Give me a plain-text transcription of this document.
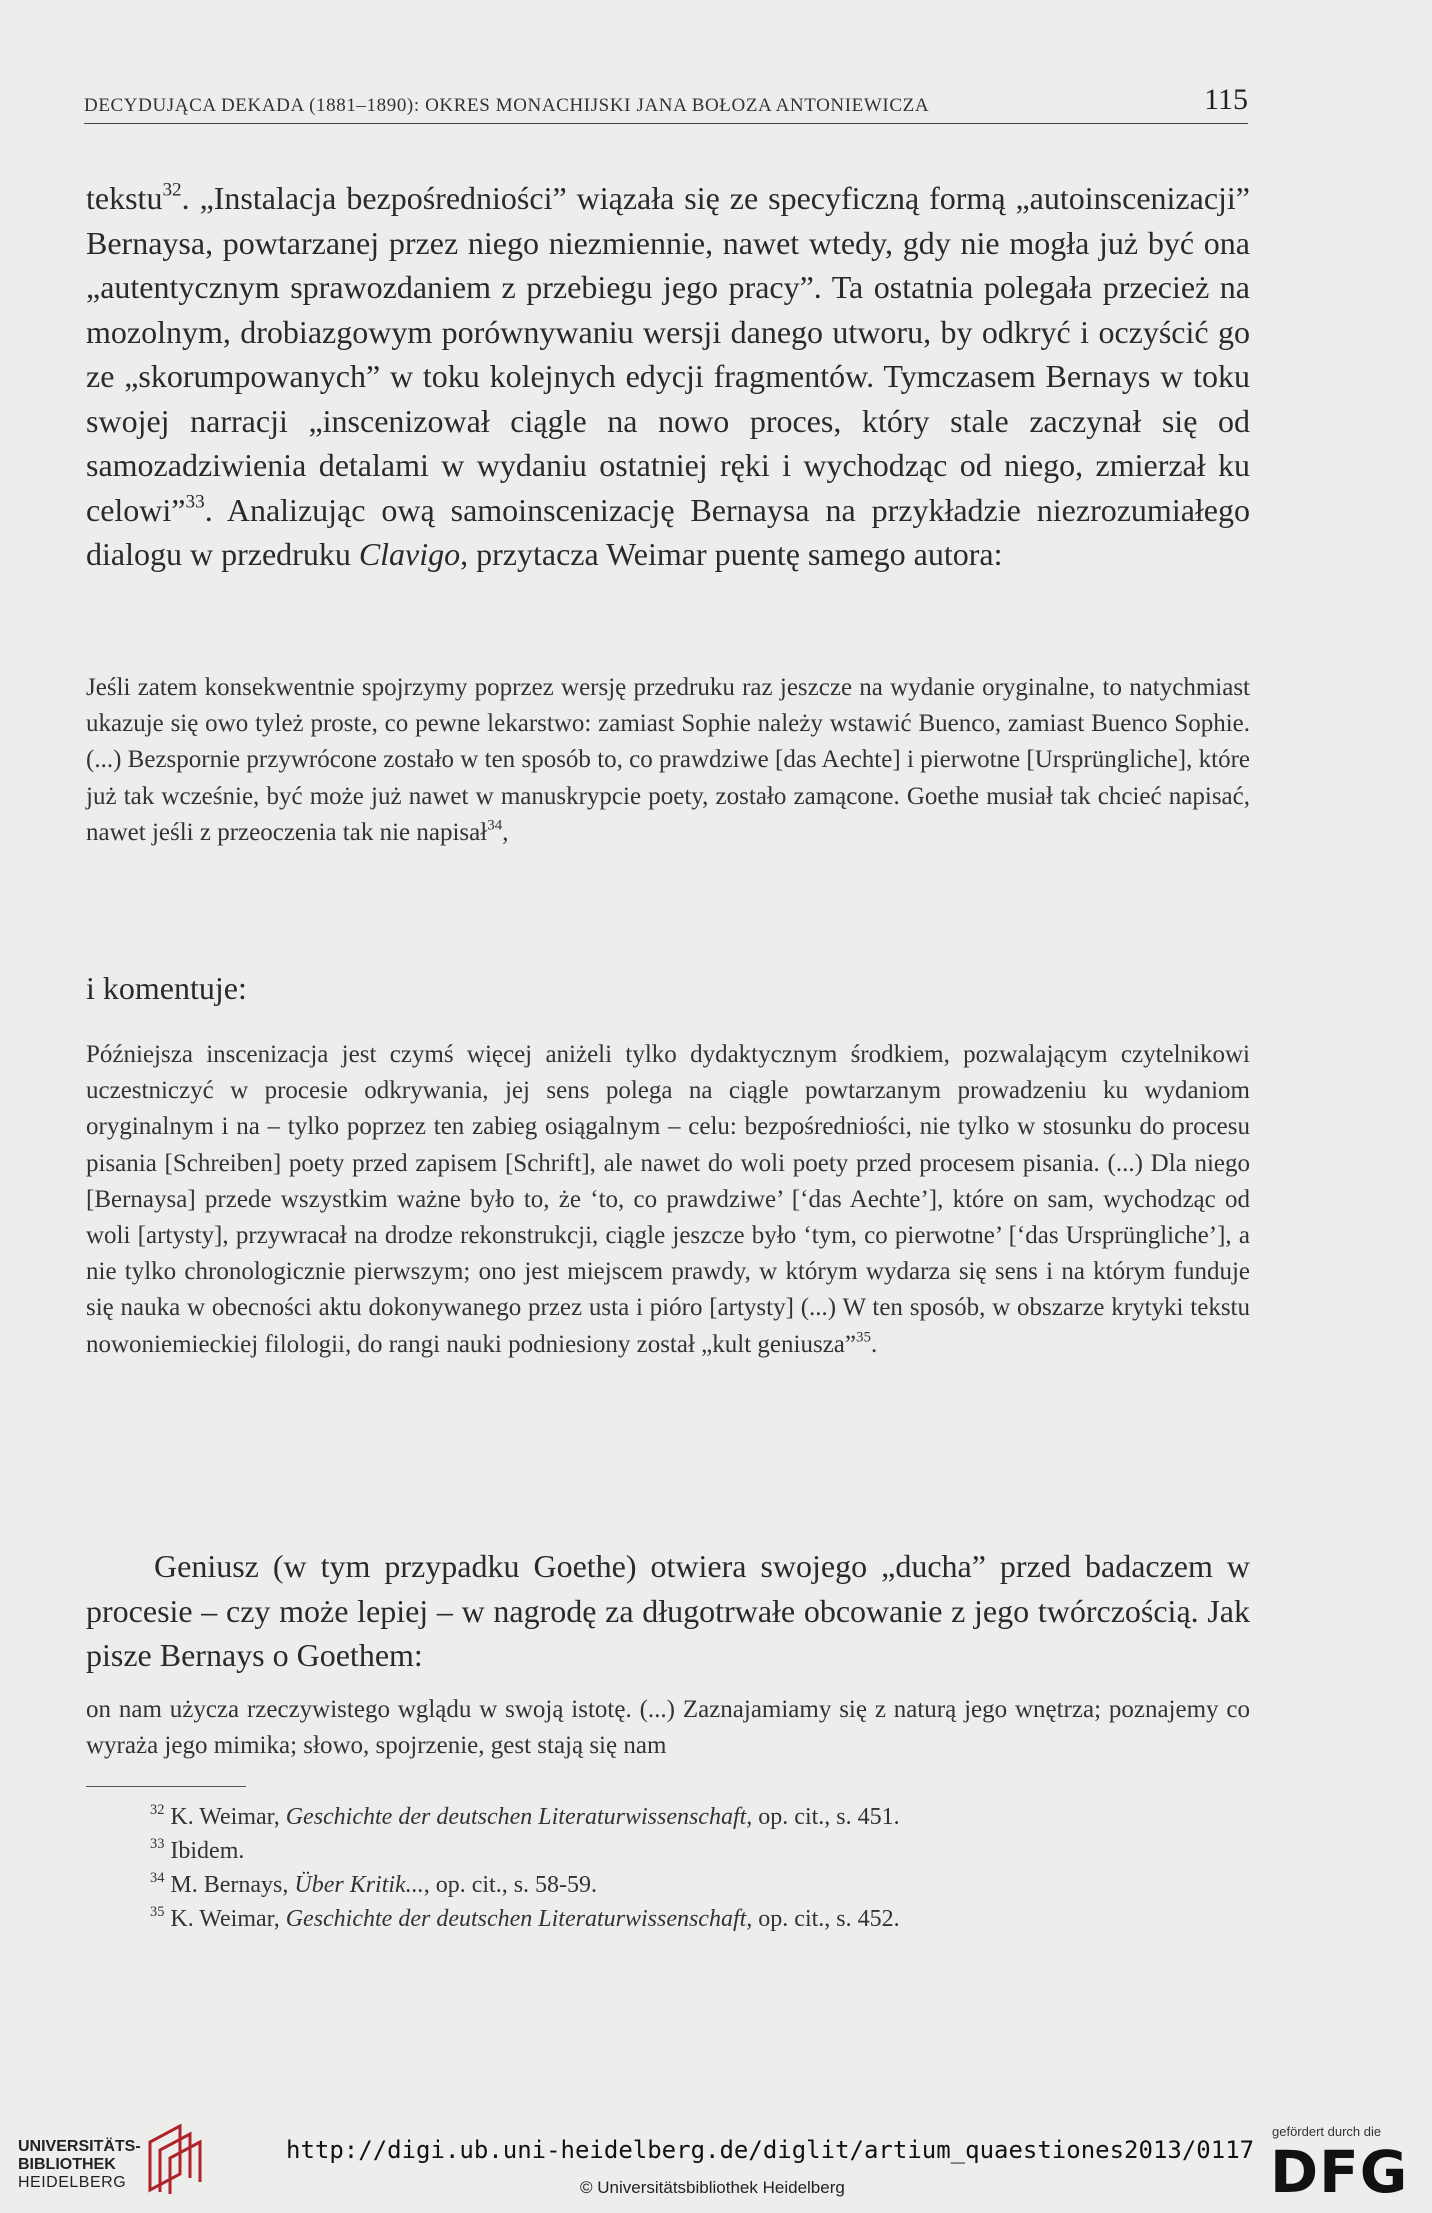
DECYDUJĄCA DEKADA (1881–1890): OKRES MONACHIJSKI JANA BOŁOZA ANTONIEWICZA	115

tekstu$^{32}$. „Instalacja bezpośredniości” wiązała się ze specyficzną formą „autoinscenizacji” Bernaysa, powtarzanej przez niego niezmiennie, nawet wtedy, gdy nie mogła już być ona „autentycznym sprawozdaniem z przebiegu jego pracy”. Ta ostatnia polegała przecież na mozolnym, drobiazgowym porównywaniu wersji danego utworu, by odkryć i oczyścić go ze „skorumpowanych” w toku kolejnych edycji fragmentów. Tymczasem Bernays w toku swojej narracji „inscenizował ciągle na nowo proces, który stale zaczynał się od samozadziwienia detalami w wydaniu ostatniej ręki i wychodząc od niego, zmierzał ku celowi”$^{33}$. Analizując ową samoinscenizację Bernaysa na przykładzie niezrozumiałego dialogu w przedruku Clavigo, przytacza Weimar puentę samego autora:

Jeśli zatem konsekwentnie spojrzymy poprzez wersję przedruku raz jeszcze na wydanie oryginalne, to natychmiast ukazuje się owo tyleż proste, co pewne lekarstwo: zamiast Sophie należy wstawić Buenco, zamiast Buenco Sophie. (...) Bezspornie przywrócone zostało w ten sposób to, co prawdziwe [das Aechte] i pierwotne [Ursprüngliche], które już tak wcześnie, być może już nawet w manuskrypcie poety, zostało zamącone. Goethe musiał tak chcieć napisać, nawet jeśli z przeoczenia tak nie napisał$^{34}$,

i komentuje:

Późniejsza inscenizacja jest czymś więcej aniżeli tylko dydaktycznym środkiem, pozwalającym czytelnikowi uczestniczyć w procesie odkrywania, jej sens polega na ciągle powtarzanym prowadzeniu ku wydaniom oryginalnym i na – tylko poprzez ten zabieg osiągalnym – celu: bezpośredniości, nie tylko w stosunku do procesu pisania [Schreiben] poety przed zapisem [Schrift], ale nawet do woli poety przed procesem pisania. (...) Dla niego [Bernaysa] przede wszystkim ważne było to, że ‘to, co prawdziwe’ [‘das Aechte’], które on sam, wychodząc od woli [artysty], przywracał na drodze rekonstrukcji, ciągle jeszcze było ‘tym, co pierwotne’ [‘das Ursprüngliche’], a nie tylko chronologicznie pierwszym; ono jest miejscem prawdy, w którym wydarza się sens i na którym funduje się nauka w obecności aktu dokonywanego przez usta i pióro [artysty] (...) W ten sposób, w obszarze krytyki tekstu nowoniemieckiej filologii, do rangi nauki podniesiony został „kult geniusza”$^{35}$.

Geniusz (w tym przypadku Goethe) otwiera swojego „ducha” przed badaczem w procesie – czy może lepiej – w nagrodę za długotrwałe obcowanie z jego twórczością. Jak pisze Bernays o Goethem:

on nam użycza rzeczywistego wglądu w swoją istotę. (...) Zaznajamiamy się z naturą jego wnętrza; poznajemy co wyraża jego mimika; słowo, spojrzenie, gest stają się nam

$^{32}$ K. Weimar, Geschichte der deutschen Literaturwissenschaft, op. cit., s. 451.

$^{33}$ Ibidem.

$^{34}$ M. Bernays, Über Kritik..., op. cit., s. 58-59.

$^{35}$ K. Weimar, Geschichte der deutschen Literaturwissenschaft, op. cit., s. 452.

UNIVERSITÄTS-
BIBLIOTHEK
HEIDELBERG
http://digi.ub.uni-heidelberg.de/diglit/artium_quaestiones2013/0117
© Universitätsbibliothek Heidelberg
gefördert durch die
DFG
